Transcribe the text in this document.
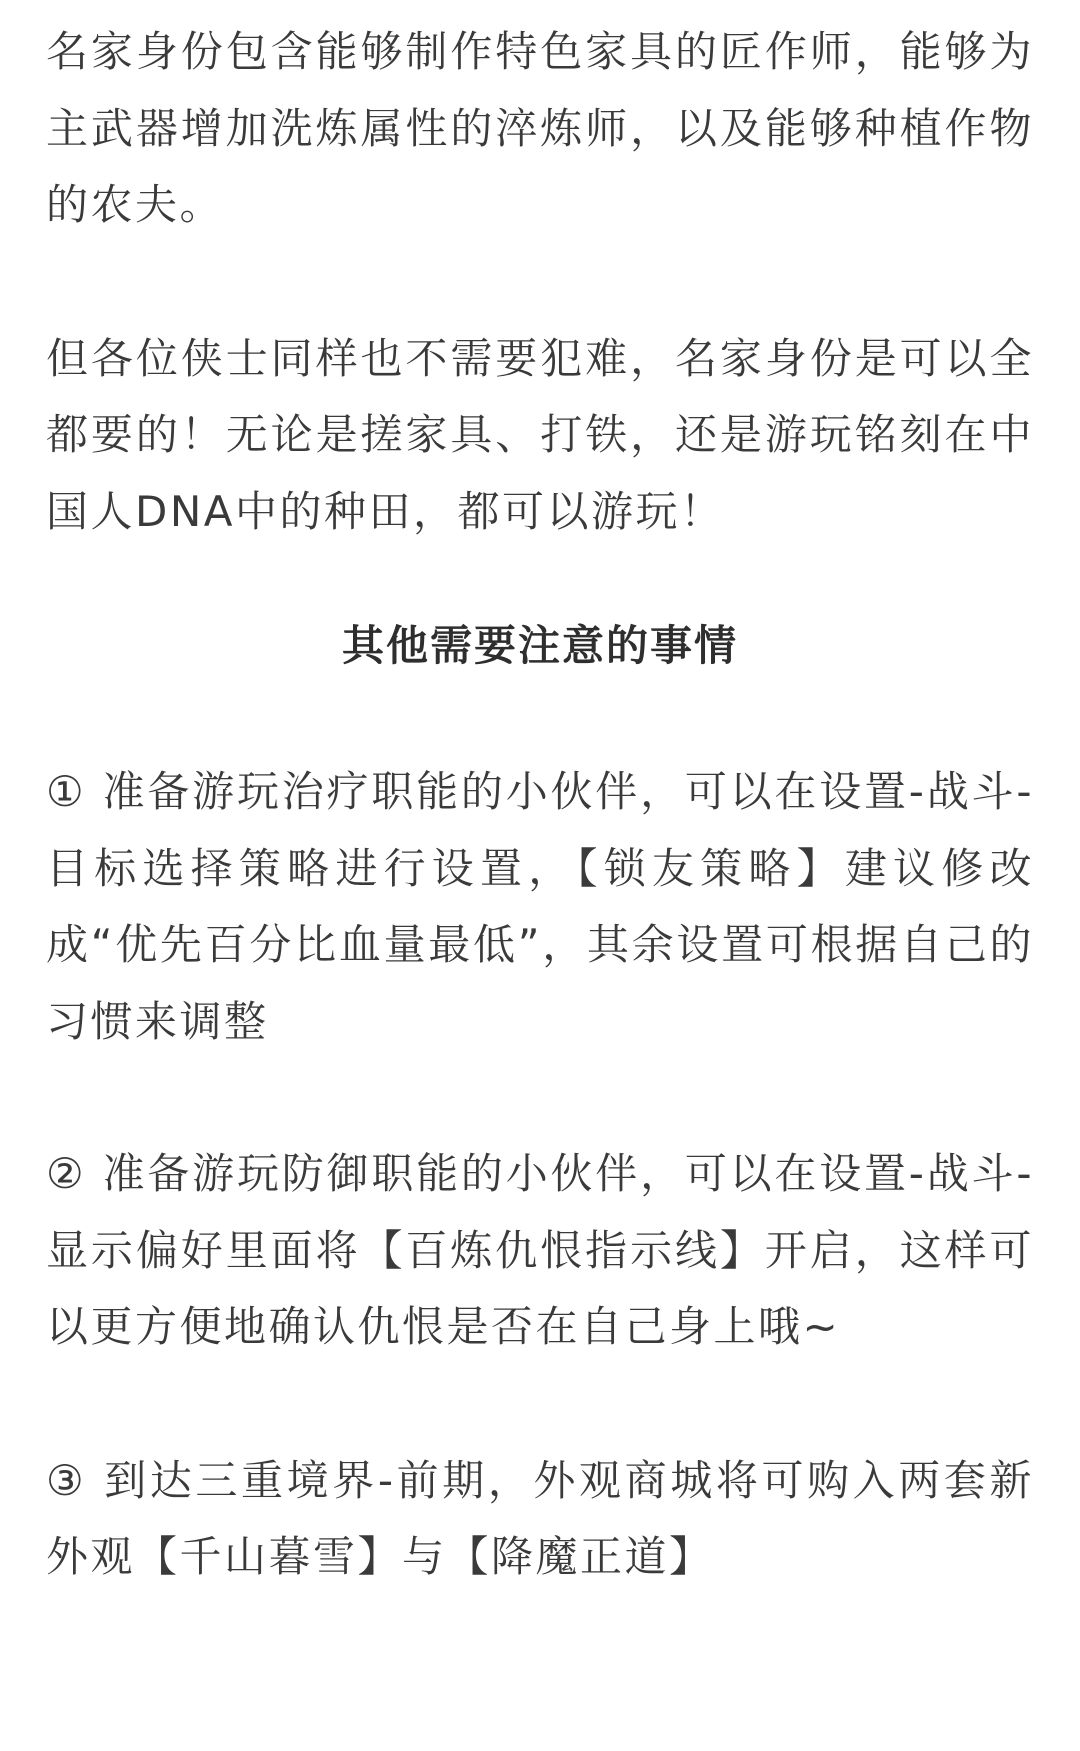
名家身份包含能够制作特色家具的匠作师，能够为主武器增加洗炼属性的淬炼师，以及能够种植作物的农夫。

但各位侠士同样也不需要犯难，名家身份是可以全都要的！无论是搓家具、打铁，还是游玩铭刻在中国人DNA中的种田，都可以游玩！

其他需要注意的事情

① 准备游玩治疗职能的小伙伴，可以在设置-战斗-目标选择策略进行设置，【锁友策略】建议修改成“优先百分比血量最低”，其余设置可根据自己的习惯来调整

② 准备游玩防御职能的小伙伴，可以在设置-战斗-显示偏好里面将【百炼仇恨指示线】开启，这样可以更方便地确认仇恨是否在自己身上哦~

③ 到达三重境界-前期，外观商城将可购入两套新外观【千山暮雪】与【降魔正道】
